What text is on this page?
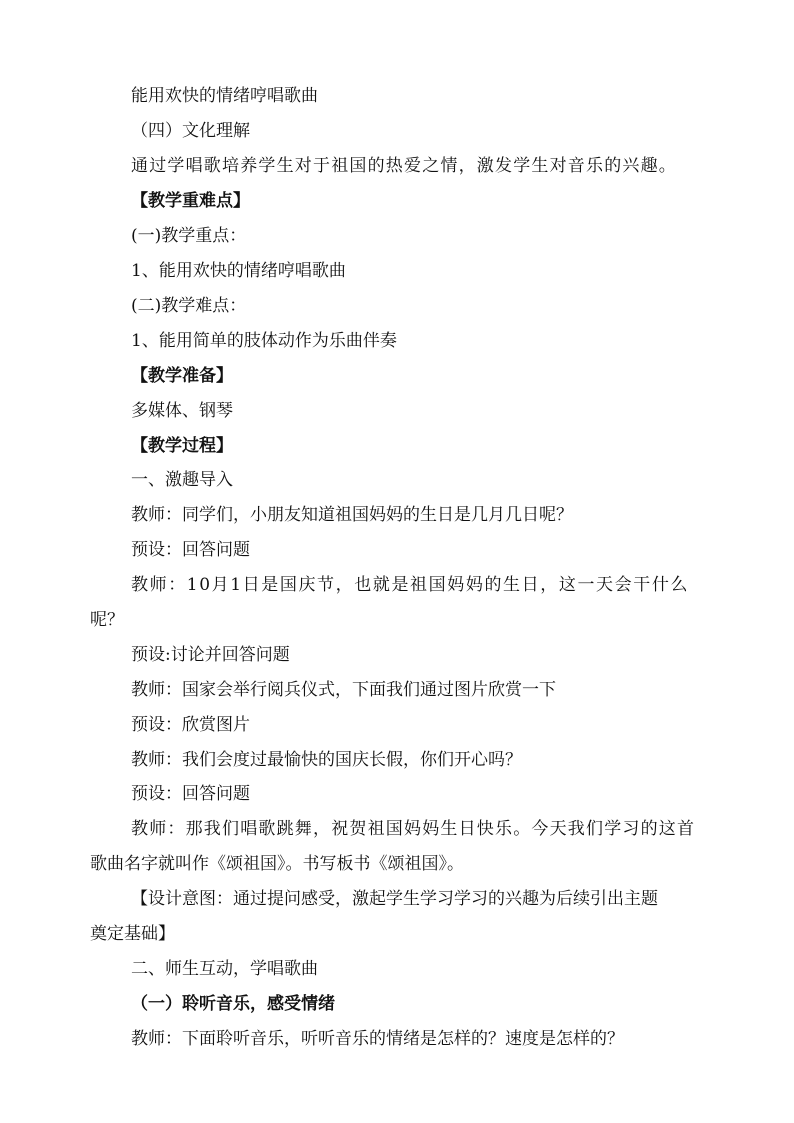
能用欢快的情绪哼唱歌曲
（四）文化理解
通过学唱歌培养学生对于祖国的热爱之情，激发学生对音乐的兴趣。
【教学重难点】
(一)教学重点：
1、能用欢快的情绪哼唱歌曲
(二)教学难点：
1、能用简单的肢体动作为乐曲伴奏
【教学准备】
多媒体、钢琴
【教学过程】
一、激趣导入
教师：同学们，小朋友知道祖国妈妈的生日是几月几日呢？
预设：回答问题
教师：10月1日是国庆节，也就是祖国妈妈的生日，这一天会干什么
呢？
预设:讨论并回答问题
教师：国家会举行阅兵仪式，下面我们通过图片欣赏一下
预设：欣赏图片
教师：我们会度过最愉快的国庆长假，你们开心吗？
预设：回答问题
教师：那我们唱歌跳舞，祝贺祖国妈妈生日快乐。今天我们学习的这首
歌曲名字就叫作《颂祖国》。书写板书《颂祖国》。
【设计意图：通过提问感受，激起学生学习学习的兴趣为后续引出主题
奠定基础】
二、师生互动，学唱歌曲
（一）聆听音乐，感受情绪
教师：下面聆听音乐，听听音乐的情绪是怎样的？速度是怎样的？
